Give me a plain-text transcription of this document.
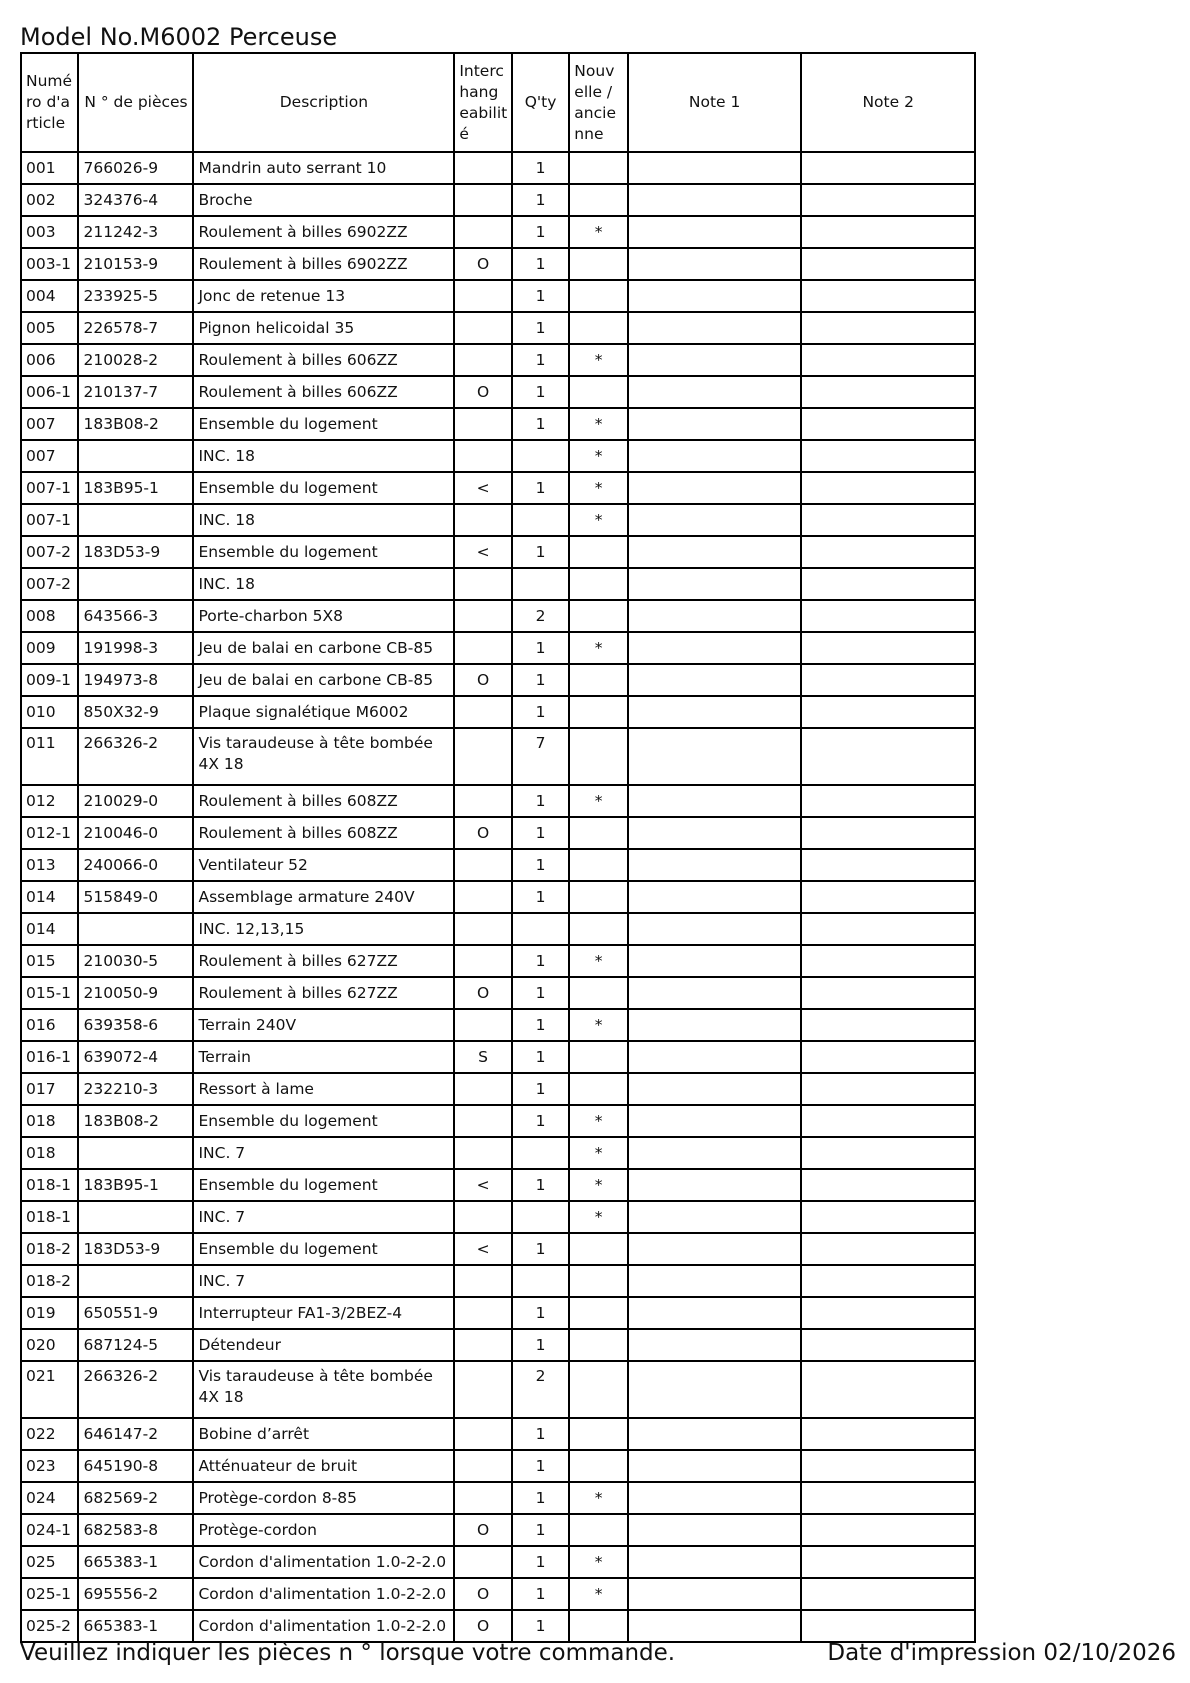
Model No.M6002 Perceuse
Numé ro d'a rticle	N ° de pièces	Description	Interc hang eabilit é	Q'ty	Nouv elle / ancie nne	Note 1	Note 2
001	766026-9	Mandrin auto serrant 10		1			
002	324376-4	Broche		1			
003	211242-3	Roulement à billes 6902ZZ		1	*		
003-1	210153-9	Roulement à billes 6902ZZ	O	1			
004	233925-5	Jonc de retenue 13		1			
005	226578-7	Pignon helicoidal 35		1			
006	210028-2	Roulement à billes 606ZZ		1	*		
006-1	210137-7	Roulement à billes 606ZZ	O	1			
007	183B08-2	Ensemble du logement		1	*		
007		INC. 18			*		
007-1	183B95-1	Ensemble du logement	<	1	*		
007-1		INC. 18			*		
007-2	183D53-9	Ensemble du logement	<	1			
007-2		INC. 18					
008	643566-3	Porte-charbon 5X8		2			
009	191998-3	Jeu de balai en carbone CB-85		1	*		
009-1	194973-8	Jeu de balai en carbone CB-85	O	1			
010	850X32-9	Plaque signalétique M6002		1			
011	266326-2	Vis taraudeuse à tête bombée 4X 18		7			
012	210029-0	Roulement à billes 608ZZ		1	*		
012-1	210046-0	Roulement à billes 608ZZ	O	1			
013	240066-0	Ventilateur 52		1			
014	515849-0	Assemblage armature 240V		1			
014		INC. 12,13,15					
015	210030-5	Roulement à billes 627ZZ		1	*		
015-1	210050-9	Roulement à billes 627ZZ	O	1			
016	639358-6	Terrain 240V		1	*		
016-1	639072-4	Terrain	S	1			
017	232210-3	Ressort à lame		1			
018	183B08-2	Ensemble du logement		1	*		
018		INC. 7			*		
018-1	183B95-1	Ensemble du logement	<	1	*		
018-1		INC. 7			*		
018-2	183D53-9	Ensemble du logement	<	1			
018-2		INC. 7					
019	650551-9	Interrupteur FA1-3/2BEZ-4		1			
020	687124-5	Détendeur		1			
021	266326-2	Vis taraudeuse à tête bombée 4X 18		2			
022	646147-2	Bobine d’arrêt		1			
023	645190-8	Atténuateur de bruit		1			
024	682569-2	Protège-cordon 8-85		1	*		
024-1	682583-8	Protège-cordon	O	1			
025	665383-1	Cordon d'alimentation 1.0-2-2.0		1	*		
025-1	695556-2	Cordon d'alimentation 1.0-2-2.0	O	1	*		
025-2	665383-1	Cordon d'alimentation 1.0-2-2.0	O	1			
Veuillez indiquer les pièces n ° lorsque votre commande.	Date d'impression 02/10/2026
